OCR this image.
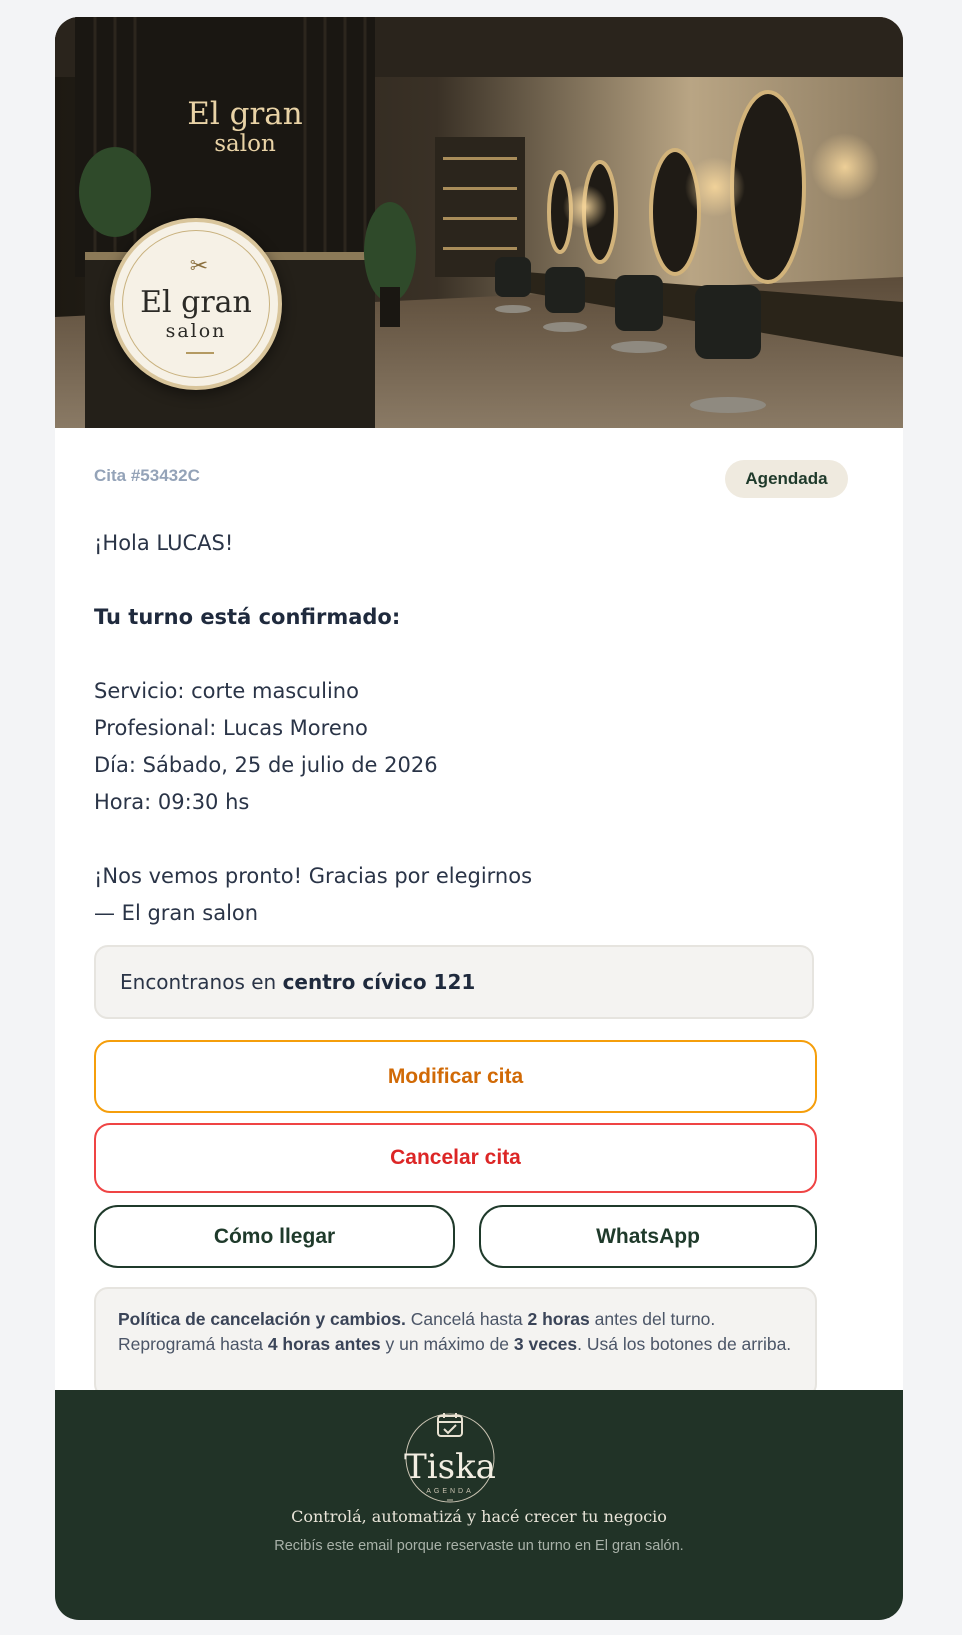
El gran
salon
✂
El gran
salon
Cita #53432C	Agendada
¡Hola LUCAS!
Tu turno está confirmado:
Servicio: corte masculino
Profesional: Lucas Moreno
Día: Sábado, 25 de julio de 2026
Hora: 09:30 hs
¡Nos vemos pronto! Gracias por elegirnos
— El gran salon
Encontranos en centro cívico 121
Modificar cita
Cancelar cita
Cómo llegar	WhatsApp
Política de cancelación y cambios. Cancelá hasta 2 horas antes del turno. Reprogramá hasta 4 horas antes y un máximo de 3 veces. Usá los botones de arriba.
Tiska
AGENDA
Controlá, automatizá y hacé crecer tu negocio
Recibís este email porque reservaste un turno en El gran salón.
